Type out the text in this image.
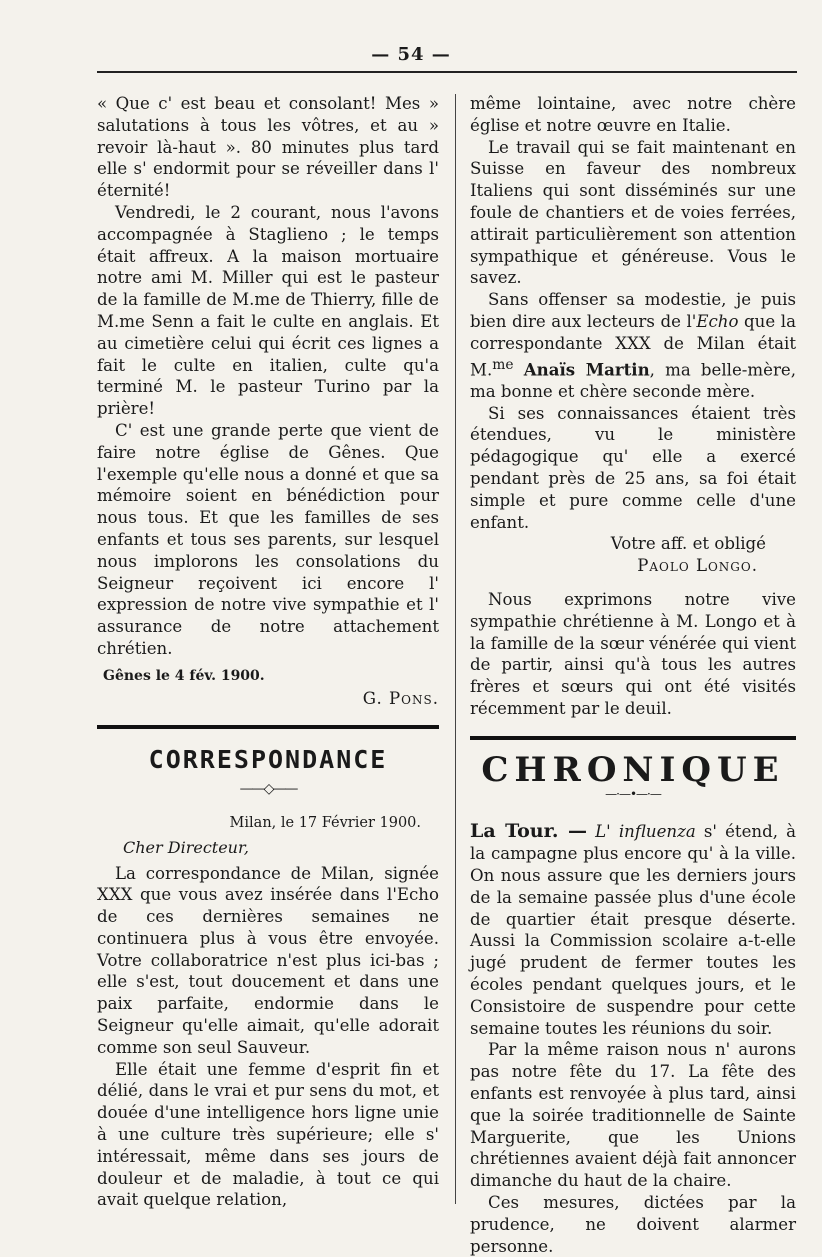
— 54 —

« Que c' est beau et consolant! Mes » salutations à tous les vôtres, et au » revoir là-haut ». 80 minutes plus tard elle s' endormit pour se réveiller dans l' éternité!

Vendredi, le 2 courant, nous l'avons accompagnée à Staglieno ; le temps était affreux. A la maison mortuaire notre ami M. Miller qui est le pasteur de la famille de M.me de Thierry, fille de M.me Senn a fait le culte en anglais. Et au cimetière celui qui écrit ces lignes a fait le culte en italien, culte qu'a terminé M. le pasteur Turino par la prière!

C' est une grande perte que vient de faire notre église de Gênes. Que l'exemple qu'elle nous a donné et que sa mémoire soient en bénédiction pour nous tous. Et que les familles de ses enfants et tous ses parents, sur lesquel nous implorons les consolations du Seigneur reçoivent ici encore l' expression de notre vive sympathie et l' assurance de notre attachement chrétien.

Gênes le 4 fév. 1900.

G. Pons.

CORRESPONDANCE
——◇——
Milan, le 17 Février 1900.

Cher Directeur,

La correspondance de Milan, signée XXX que vous avez insérée dans l'Echo de ces dernières semaines ne continuera plus à vous être envoyée. Votre collaboratrice n'est plus ici-bas ; elle s'est, tout doucement et dans une paix parfaite, endormie dans le Seigneur qu'elle aimait, qu'elle adorait comme son seul Sauveur.

Elle était une femme d'esprit fin et délié, dans le vrai et pur sens du mot, et douée d'une intelligence hors ligne unie à une culture très supérieure; elle s' intéressait, même dans ses jours de douleur et de maladie, à tout ce qui avait quelque relation,

même lointaine, avec notre chère église et notre œuvre en Italie.

Le travail qui se fait maintenant en Suisse en faveur des nombreux Italiens qui sont disséminés sur une foule de chantiers et de voies ferrées, attirait particulièrement son attention sympathique et généreuse. Vous le savez.

Sans offenser sa modestie, je puis bien dire aux lecteurs de l'Echo que la correspondante XXX de Milan était M.$^{me}$ Anaïs Martin, ma belle-mère, ma bonne et chère seconde mère.

Si ses connaissances étaient très étendues, vu le ministère pédagogique qu' elle a exercé pendant près de 25 ans, sa foi était simple et pure comme celle d'une enfant.

Votre aff. et obligé

Paolo Longo.

Nous exprimons notre vive sympathie chrétienne à M. Longo et à la famille de la sœur vénérée qui vient de partir, ainsi qu'à tous les autres frères et sœurs qui ont été visités récemment par le deuil.

CHRONIQUE
—·—•—·—

La Tour. — L' influenza s' étend, à la campagne plus encore qu' à la ville. On nous assure que les derniers jours de la semaine passée plus d'une école de quartier était presque déserte. Aussi la Commission scolaire a-t-elle jugé prudent de fermer toutes les écoles pendant quelques jours, et le Consistoire de suspendre pour cette semaine toutes les réunions du soir.

Par la même raison nous n' aurons pas notre fête du 17. La fête des enfants est renvoyée à plus tard, ainsi que la soirée traditionnelle de Sainte Marguerite, que les Unions chrétiennes avaient déjà fait annoncer dimanche du haut de la chaire.

Ces mesures, dictées par la prudence, ne doivent alarmer personne.
